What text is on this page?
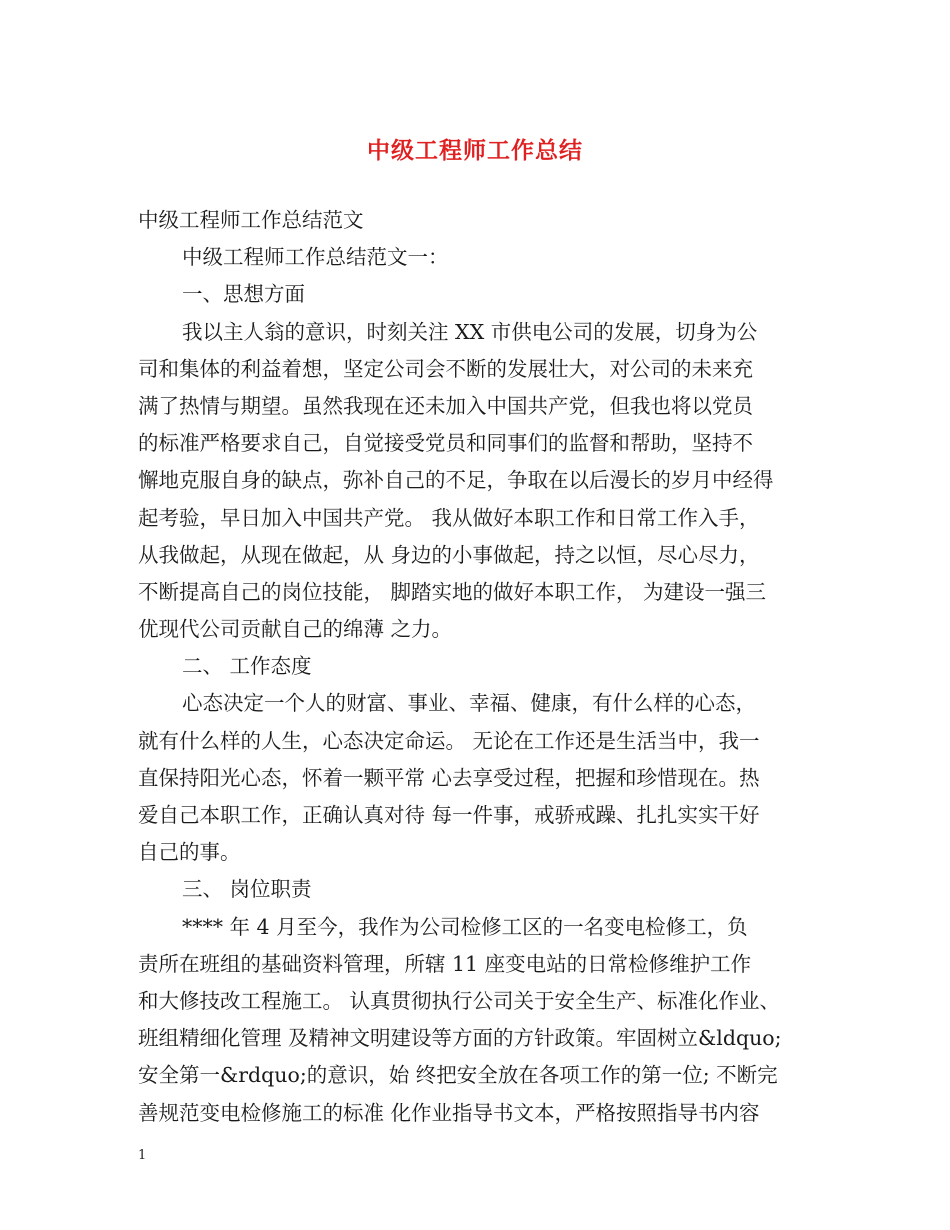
中级工程师工作总结
中级工程师工作总结范文
中级工程师工作总结范文一：
一、思想方面
我以主人翁的意识，时刻关注 XX 市供电公司的发展，切身为公
司和集体的利益着想，坚定公司会不断的发展壮大，对公司的未来充
满了热情与期望。虽然我现在还未加入中国共产党，但我也将以党员
的标准严格要求自己，自觉接受党员和同事们的监督和帮助，坚持不
懈地克服自身的缺点，弥补自己的不足，争取在以后漫长的岁月中经得
起考验，早日加入中国共产党。 我从做好本职工作和日常工作入手，
从我做起，从现在做起，从 身边的小事做起，持之以恒，尽心尽力，
不断提高自己的岗位技能， 脚踏实地的做好本职工作， 为建设一强三
优现代公司贡献自己的绵薄 之力。
二、 工作态度
心态决定一个人的财富、事业、幸福、健康，有什么样的心态，
就有什么样的人生，心态决定命运。 无论在工作还是生活当中，我一
直保持阳光心态，怀着一颗平常 心去享受过程，把握和珍惜现在。热
爱自己本职工作，正确认真对待 每一件事，戒骄戒躁、扎扎实实干好
自己的事。
三、 岗位职责
**** 年 4 月至今，我作为公司检修工区的一名变电检修工，负
责所在班组的基础资料管理，所辖 11 座变电站的日常检修维护工作
和大修技改工程施工。 认真贯彻执行公司关于安全生产、标准化作业、
班组精细化管理 及精神文明建设等方面的方针政策。牢固树立&ldquo;
安全第一&rdquo;的意识，始 终把安全放在各项工作的第一位; 不断完
善规范变电检修施工的标准 化作业指导书文本，严格按照指导书内容
1
